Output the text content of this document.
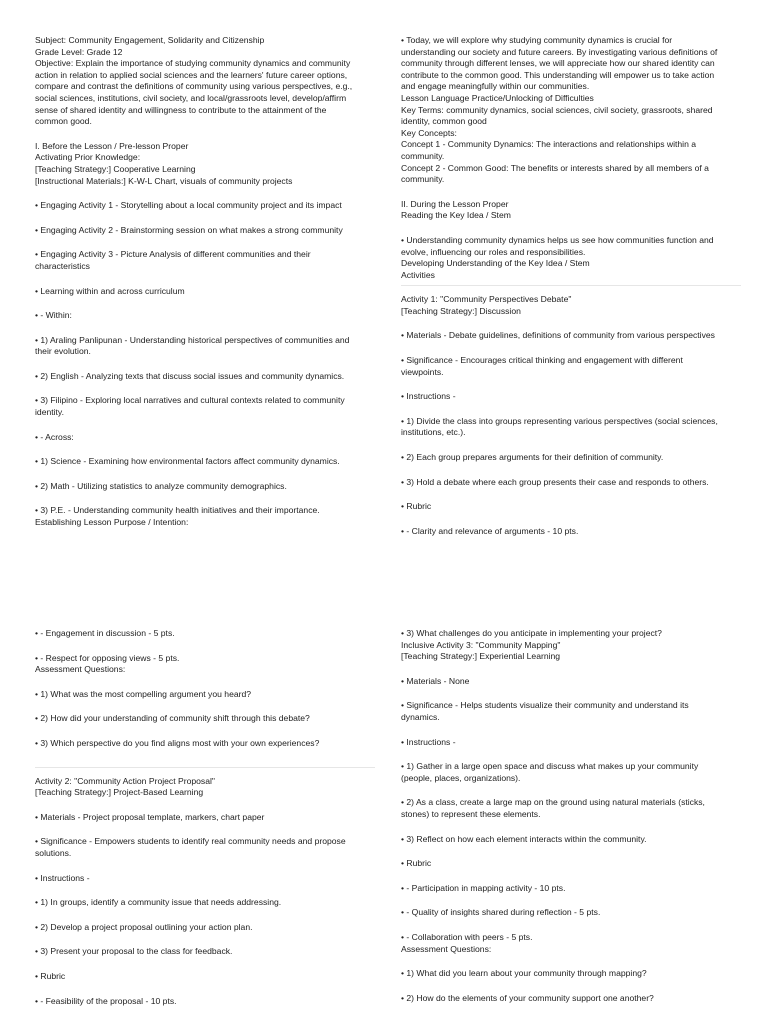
Subject: Community Engagement, Solidarity and Citizenship
Grade Level: Grade 12
Objective: Explain the importance of studying community dynamics and community
action in relation to applied social sciences and the learners' future career options,
compare and contrast the definitions of community using various perspectives, e.g.,
social sciences, institutions, civil society, and local/grassroots level, develop/affirm
sense of shared identity and willingness to contribute to the attainment of the
common good.
I. Before the Lesson / Pre-lesson Proper
Activating Prior Knowledge:
[Teaching Strategy:] Cooperative Learning
[Instructional Materials:] K-W-L Chart, visuals of community projects
• Engaging Activity 1 - Storytelling about a local community project and its impact
• Engaging Activity 2 - Brainstorming session on what makes a strong community
• Engaging Activity 3 - Picture Analysis of different communities and their
characteristics
• Learning within and across curriculum
• - Within:
• 1) Araling Panlipunan - Understanding historical perspectives of communities and
their evolution.
• 2) English - Analyzing texts that discuss social issues and community dynamics.
• 3) Filipino - Exploring local narratives and cultural contexts related to community
identity.
• - Across:
• 1) Science - Examining how environmental factors affect community dynamics.
• 2) Math - Utilizing statistics to analyze community demographics.
• 3) P.E. - Understanding community health initiatives and their importance.
Establishing Lesson Purpose / Intention:
• Today, we will explore why studying community dynamics is crucial for
understanding our society and future careers. By investigating various definitions of
community through different lenses, we will appreciate how our shared identity can
contribute to the common good. This understanding will empower us to take action
and engage meaningfully within our communities.
Lesson Language Practice/Unlocking of Difficulties
Key Terms: community dynamics, social sciences, civil society, grassroots, shared
identity, common good
Key Concepts:
Concept 1 - Community Dynamics: The interactions and relationships within a
community.
Concept 2 - Common Good: The benefits or interests shared by all members of a
community.
II. During the Lesson Proper
Reading the Key Idea / Stem
• Understanding community dynamics helps us see how communities function and
evolve, influencing our roles and responsibilities.
Developing Understanding of the Key Idea / Stem
Activities
Activity 1: "Community Perspectives Debate"
[Teaching Strategy:] Discussion
• Materials - Debate guidelines, definitions of community from various perspectives
• Significance - Encourages critical thinking and engagement with different
viewpoints.
• Instructions -
• 1) Divide the class into groups representing various perspectives (social sciences,
institutions, etc.).
• 2) Each group prepares arguments for their definition of community.
• 3) Hold a debate where each group presents their case and responds to others.
• Rubric
• - Clarity and relevance of arguments - 10 pts.
• - Engagement in discussion - 5 pts.
• - Respect for opposing views - 5 pts.
Assessment Questions:
• 1) What was the most compelling argument you heard?
• 2) How did your understanding of community shift through this debate?
• 3) Which perspective do you find aligns most with your own experiences?
Activity 2: "Community Action Project Proposal"
[Teaching Strategy:] Project-Based Learning
• Materials - Project proposal template, markers, chart paper
• Significance - Empowers students to identify real community needs and propose
solutions.
• Instructions -
• 1) In groups, identify a community issue that needs addressing.
• 2) Develop a project proposal outlining your action plan.
• 3) Present your proposal to the class for feedback.
• Rubric
• - Feasibility of the proposal - 10 pts.
• 3) What challenges do you anticipate in implementing your project?
Inclusive Activity 3: "Community Mapping"
[Teaching Strategy:] Experiential Learning
• Materials - None
• Significance - Helps students visualize their community and understand its
dynamics.
• Instructions -
• 1) Gather in a large open space and discuss what makes up your community
(people, places, organizations).
• 2) As a class, create a large map on the ground using natural materials (sticks,
stones) to represent these elements.
• 3) Reflect on how each element interacts within the community.
• Rubric
• - Participation in mapping activity - 10 pts.
• - Quality of insights shared during reflection - 5 pts.
• - Collaboration with peers - 5 pts.
Assessment Questions:
• 1) What did you learn about your community through mapping?
• 2) How do the elements of your community support one another?
